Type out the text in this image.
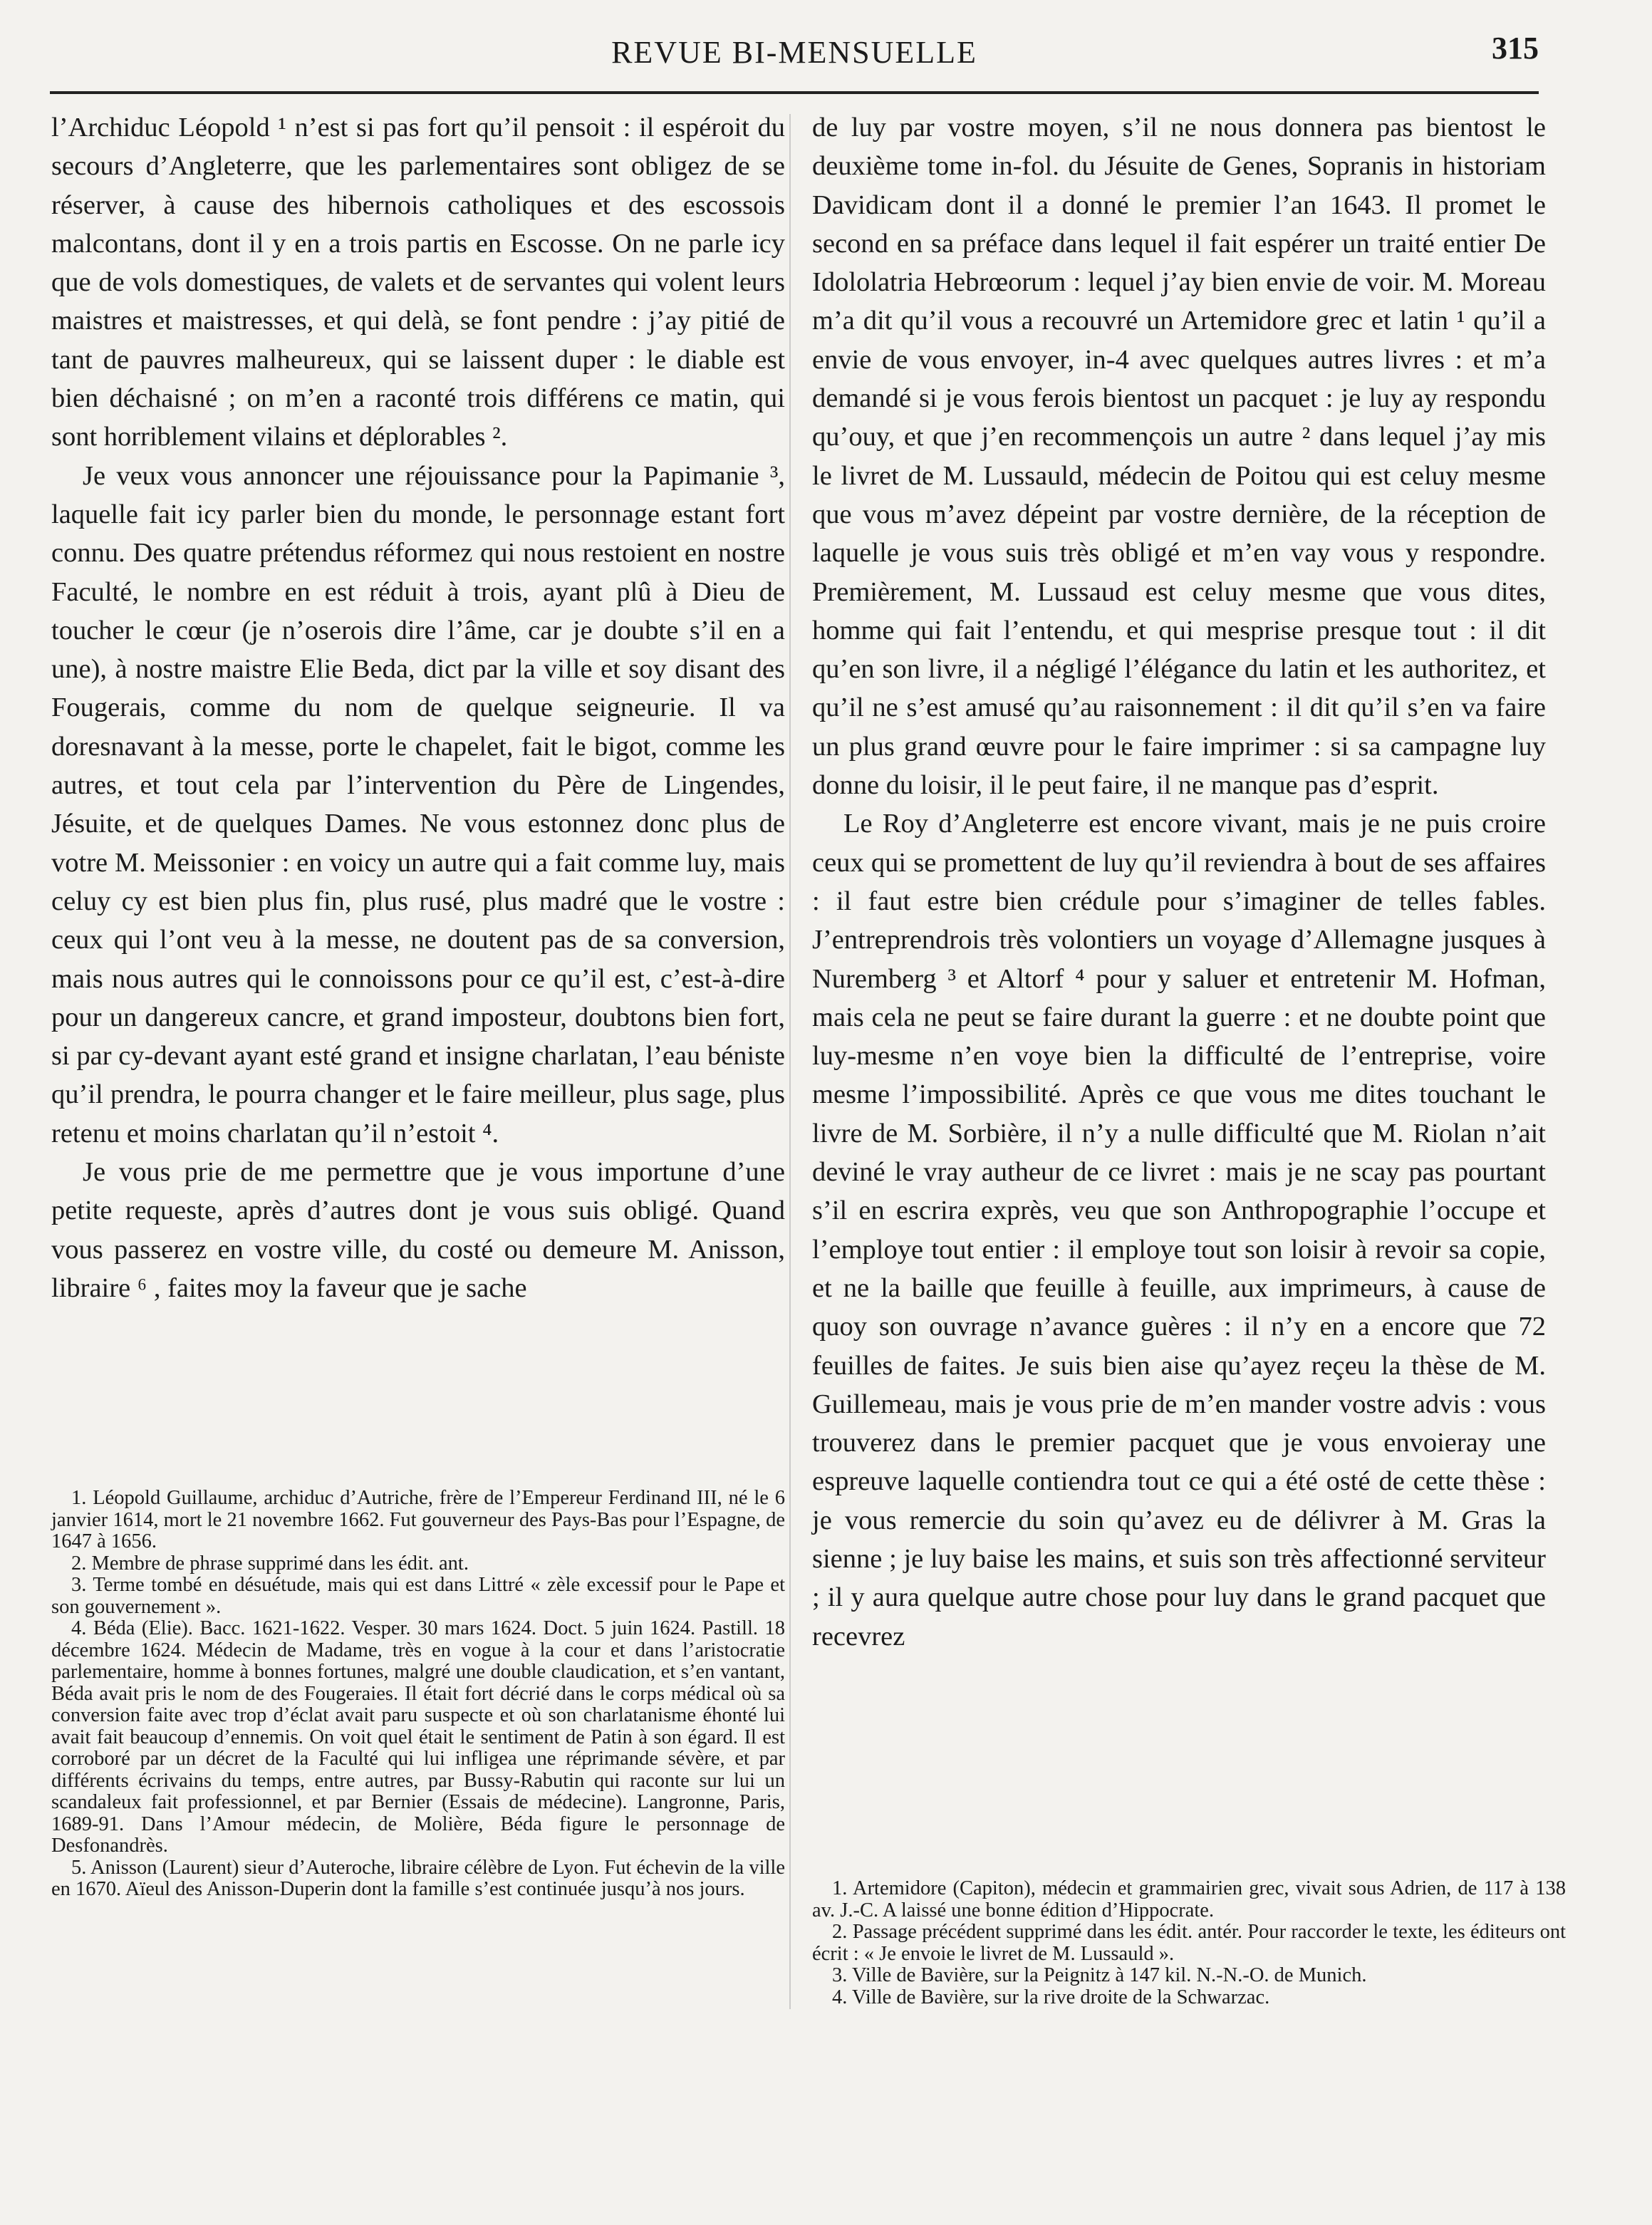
REVUE BI-MENSUELLE	315

l’Archiduc Léopold ¹ n’est si pas fort qu’il pensoit : il espéroit du secours d’Angleterre, que les parlementaires sont obligez de se réserver, à cause des hibernois catholiques et des escossois malcontans, dont il y en a trois partis en Escosse. On ne parle icy que de vols domestiques, de valets et de servantes qui volent leurs maistres et maistresses, et qui delà, se font pendre : j’ay pitié de tant de pauvres malheureux, qui se laissent duper : le diable est bien déchaisné ; on m’en a raconté trois différens ce matin, qui sont horriblement vilains et déplorables ².

Je veux vous annoncer une réjouissance pour la Papimanie ³, laquelle fait icy parler bien du monde, le personnage estant fort connu. Des quatre prétendus réformez qui nous restoient en nostre Faculté, le nombre en est réduit à trois, ayant plû à Dieu de toucher le cœur (je n’oserois dire l’âme, car je doubte s’il en a une), à nostre maistre Elie Beda, dict par la ville et soy disant des Fougerais, comme du nom de quelque seigneurie. Il va doresnavant à la messe, porte le chapelet, fait le bigot, comme les autres, et tout cela par l’intervention du Père de Lingendes, Jésuite, et de quelques Dames. Ne vous estonnez donc plus de votre M. Meissonier : en voicy un autre qui a fait comme luy, mais celuy cy est bien plus fin, plus rusé, plus madré que le vostre : ceux qui l’ont veu à la messe, ne doutent pas de sa conversion, mais nous autres qui le connoissons pour ce qu’il est, c’est-à-dire pour un dangereux cancre, et grand imposteur, doubtons bien fort, si par cy-devant ayant esté grand et insigne charlatan, l’eau béniste qu’il prendra, le pourra changer et le faire meilleur, plus sage, plus retenu et moins charlatan qu’il n’estoit ⁴.

Je vous prie de me permettre que je vous importune d’une petite requeste, après d’autres dont je vous suis obligé. Quand vous passerez en vostre ville, du costé ou demeure M. Anisson, libraire ⁶ , faites moy la faveur que je sache

1. Léopold Guillaume, archiduc d’Autriche, frère de l’Empereur Ferdinand III, né le 6 janvier 1614, mort le 21 novembre 1662. Fut gouverneur des Pays-Bas pour l’Espagne, de 1647 à 1656.

2. Membre de phrase supprimé dans les édit. ant.

3. Terme tombé en désuétude, mais qui est dans Littré « zèle excessif pour le Pape et son gouvernement ».

4. Béda (Elie). Bacc. 1621-1622. Vesper. 30 mars 1624. Doct. 5 juin 1624. Pastill. 18 décembre 1624. Médecin de Madame, très en vogue à la cour et dans l’aristocratie parlementaire, homme à bonnes fortunes, malgré une double claudication, et s’en vantant, Béda avait pris le nom de des Fougeraies. Il était fort décrié dans le corps médical où sa conversion faite avec trop d’éclat avait paru suspecte et où son charlatanisme éhonté lui avait fait beaucoup d’ennemis. On voit quel était le sentiment de Patin à son égard. Il est corroboré par un décret de la Faculté qui lui infligea une réprimande sévère, et par différents écrivains du temps, entre autres, par Bussy-Rabutin qui raconte sur lui un scandaleux fait professionnel, et par Bernier (Essais de médecine). Langronne, Paris, 1689-91. Dans l’Amour médecin, de Molière, Béda figure le personnage de Desfonandrès.

5. Anisson (Laurent) sieur d’Auteroche, libraire célèbre de Lyon. Fut échevin de la ville en 1670. Aïeul des Anisson-Duperin dont la famille s’est continuée jusqu’à nos jours.

de luy par vostre moyen, s’il ne nous donnera pas bientost le deuxième tome in-fol. du Jésuite de Genes, Sopranis in historiam Davidicam dont il a donné le premier l’an 1643. Il promet le second en sa préface dans lequel il fait espérer un traité entier De Idololatria Hebrœorum : lequel j’ay bien envie de voir. M. Moreau m’a dit qu’il vous a recouvré un Artemidore grec et latin ¹ qu’il a envie de vous envoyer, in-4 avec quelques autres livres : et m’a demandé si je vous ferois bientost un pacquet : je luy ay respondu qu’ouy, et que j’en recommençois un autre ² dans lequel j’ay mis le livret de M. Lussauld, médecin de Poitou qui est celuy mesme que vous m’avez dépeint par vostre dernière, de la réception de laquelle je vous suis très obligé et m’en vay vous y respondre. Premièrement, M. Lussaud est celuy mesme que vous dites, homme qui fait l’entendu, et qui mesprise presque tout : il dit qu’en son livre, il a négligé l’élégance du latin et les authoritez, et qu’il ne s’est amusé qu’au raisonnement : il dit qu’il s’en va faire un plus grand œuvre pour le faire imprimer : si sa campagne luy donne du loisir, il le peut faire, il ne manque pas d’esprit.

Le Roy d’Angleterre est encore vivant, mais je ne puis croire ceux qui se promettent de luy qu’il reviendra à bout de ses affaires : il faut estre bien crédule pour s’imaginer de telles fables. J’entreprendrois très volontiers un voyage d’Allemagne jusques à Nuremberg ³ et Altorf ⁴ pour y saluer et entretenir M. Hofman, mais cela ne peut se faire durant la guerre : et ne doubte point que luy-mesme n’en voye bien la difficulté de l’entreprise, voire mesme l’impossibilité. Après ce que vous me dites touchant le livre de M. Sorbière, il n’y a nulle difficulté que M. Riolan n’ait deviné le vray autheur de ce livret : mais je ne scay pas pourtant s’il en escrira exprès, veu que son Anthropographie l’occupe et l’employe tout entier : il employe tout son loisir à revoir sa copie, et ne la baille que feuille à feuille, aux imprimeurs, à cause de quoy son ouvrage n’avance guères : il n’y en a encore que 72 feuilles de faites. Je suis bien aise qu’ayez reçeu la thèse de M. Guillemeau, mais je vous prie de m’en mander vostre advis : vous trouverez dans le premier pacquet que je vous envoieray une espreuve laquelle contiendra tout ce qui a été osté de cette thèse : je vous remercie du soin qu’avez eu de délivrer à M. Gras la sienne ; je luy baise les mains, et suis son très affectionné serviteur ; il y aura quelque autre chose pour luy dans le grand pacquet que recevrez

1. Artemidore (Capiton), médecin et grammairien grec, vivait sous Adrien, de 117 à 138 av. J.-C. A laissé une bonne édition d’Hippocrate.

2. Passage précédent supprimé dans les édit. antér. Pour raccorder le texte, les éditeurs ont écrit : « Je envoie le livret de M. Lussauld ».

3. Ville de Bavière, sur la Peignitz à 147 kil. N.-N.-O. de Munich.

4. Ville de Bavière, sur la rive droite de la Schwarzac.
